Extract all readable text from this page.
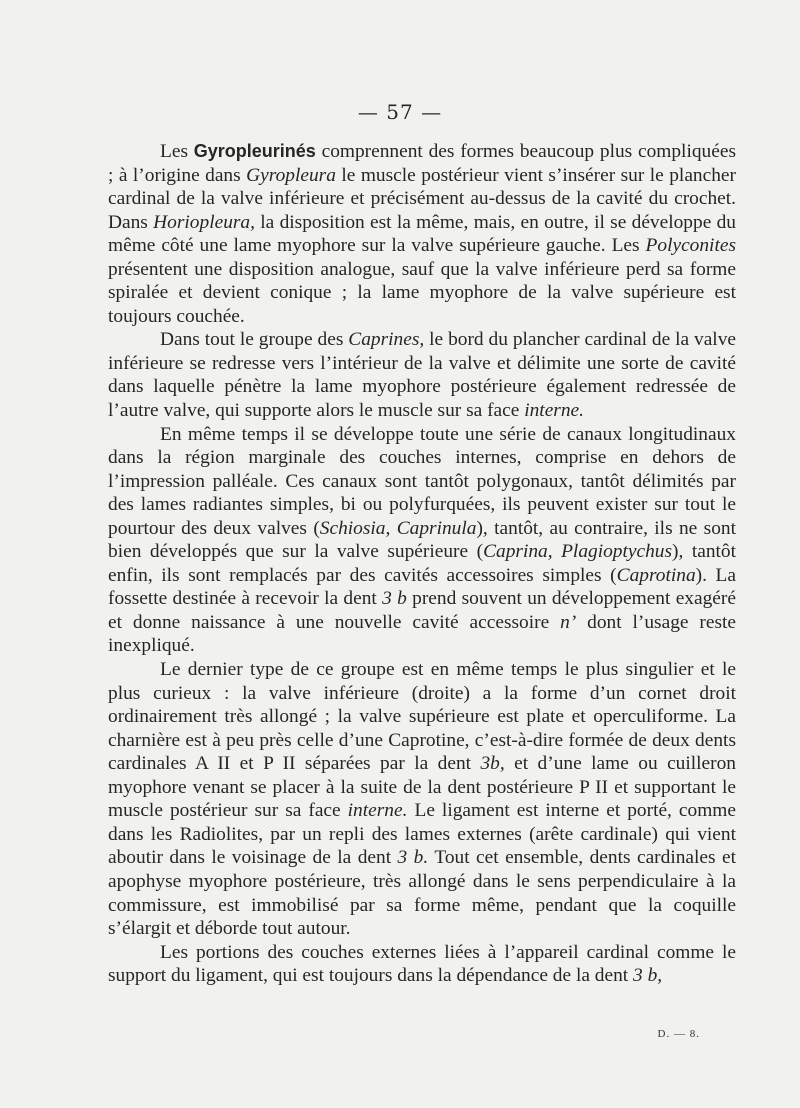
— 57 —

Les Gyropleurinés comprennent des formes beaucoup plus compliquées ; à l’origine dans Gyropleura le muscle postérieur vient s’insérer sur le plancher cardinal de la valve inférieure et précisément au-dessus de la cavité du crochet. Dans Horiopleura, la disposition est la même, mais, en outre, il se développe du même côté une lame myophore sur la valve supérieure gauche. Les Polyconites présentent une disposition analogue, sauf que la valve inférieure perd sa forme spiralée et devient conique ; la lame myophore de la valve supérieure est toujours couchée.

Dans tout le groupe des Caprines, le bord du plancher cardinal de la valve inférieure se redresse vers l’intérieur de la valve et délimite une sorte de cavité dans laquelle pénètre la lame myophore postérieure également redressée de l’autre valve, qui supporte alors le muscle sur sa face interne.

En même temps il se développe toute une série de canaux longitudinaux dans la région marginale des couches internes, comprise en dehors de l’impression palléale. Ces canaux sont tantôt polygonaux, tantôt délimités par des lames radiantes simples, bi ou polyfurquées, ils peuvent exister sur tout le pourtour des deux valves (Schiosia, Caprinula), tantôt, au contraire, ils ne sont bien développés que sur la valve supérieure (Caprina, Plagioptychus), tantôt enfin, ils sont remplacés par des cavités accessoires simples (Caprotina). La fossette destinée à recevoir la dent 3 b prend souvent un développement exagéré et donne naissance à une nouvelle cavité accessoire n’ dont l’usage reste inexpliqué.

Le dernier type de ce groupe est en même temps le plus singulier et le plus curieux : la valve inférieure (droite) a la forme d’un cornet droit ordinairement très allongé ; la valve supérieure est plate et operculiforme. La charnière est à peu près celle d’une Caprotine, c’est-à-dire formée de deux dents cardinales A II et P II séparées par la dent 3b, et d’une lame ou cuilleron myophore venant se placer à la suite de la dent postérieure P II et supportant le muscle postérieur sur sa face interne. Le ligament est interne et porté, comme dans les Radiolites, par un repli des lames externes (arête cardinale) qui vient aboutir dans le voisinage de la dent 3 b. Tout cet ensemble, dents cardinales et apophyse myophore postérieure, très allongé dans le sens perpendiculaire à la commissure, est immobilisé par sa forme même, pendant que la coquille s’élargit et déborde tout autour.

Les portions des couches externes liées à l’appareil cardinal comme le support du ligament, qui est toujours dans la dépendance de la dent 3 b,

D. — 8.
